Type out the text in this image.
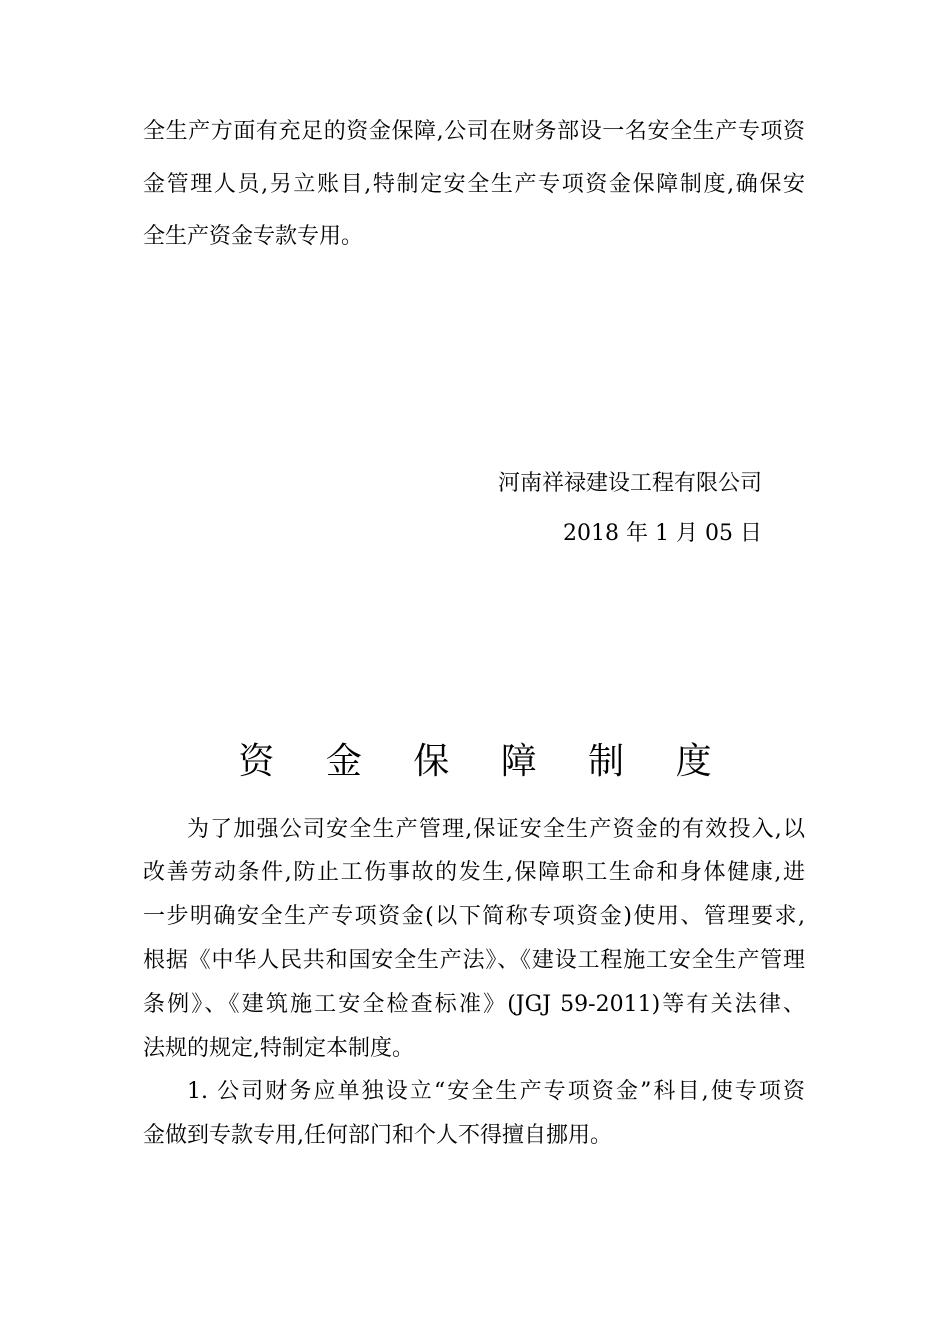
全生产方面有充足的资金保障,公司在财务部设一名安全生产专项资

金管理人员,另立账目,特制定安全生产专项资金保障制度,确保安

全生产资金专款专用。

河南祥禄建设工程有限公司
2018 年 1 月 05 日
资 金 保 障 制 度

为了加强公司安全生产管理,保证安全生产资金的有效投入,以

改善劳动条件,防止工伤事故的发生,保障职工生命和身体健康,进

一步明确安全生产专项资金(以下简称专项资金)使用、管理要求,

根据《中华人民共和国安全生产法》、《建设工程施工安全生产管理

条例》、《建筑施工安全检查标准》(JGJ 59-2011)等有关法律、

法规的规定,特制定本制度。

1. 公司财务应单独设立“安全生产专项资金”科目,使专项资

金做到专款专用,任何部门和个人不得擅自挪用。
